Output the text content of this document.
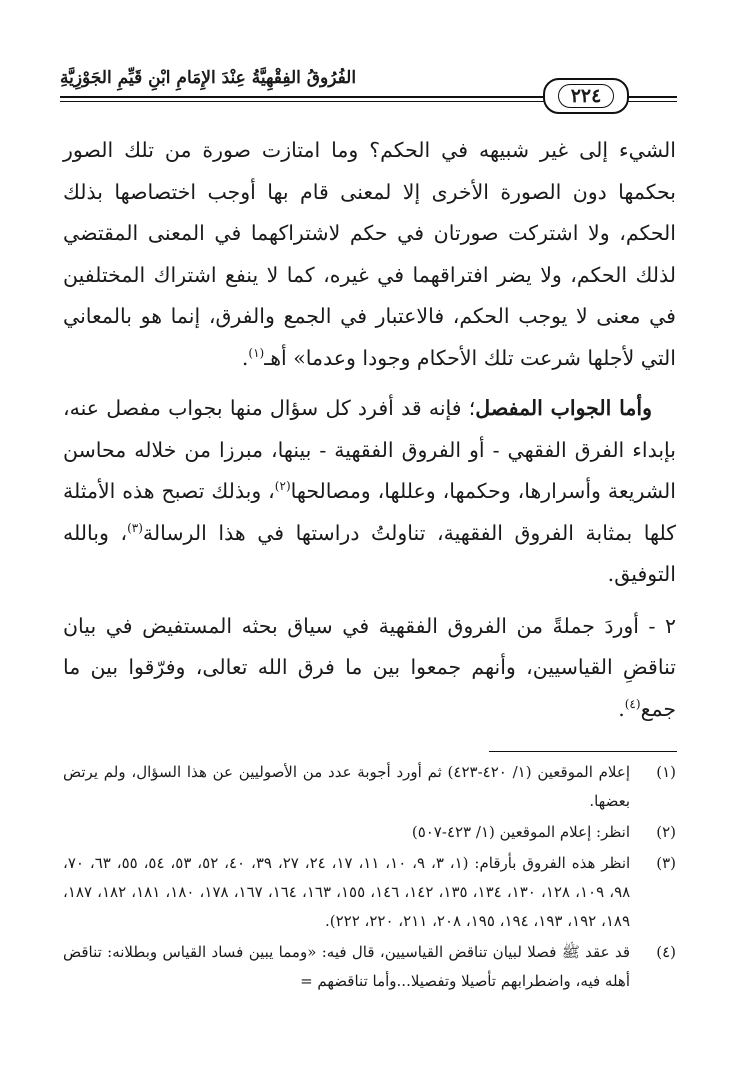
الفُرُوقُ الفِقْهِيَّةُ عِنْدَ الإِمَامِ ابْنِ قَيِّمِ الجَوْزِيَّةِ
٢٢٤

الشيء إلى غير شبيهه في الحكم؟ وما امتازت صورة من تلك الصور بحكمها دون الصورة الأخرى إلا لمعنى قام بها أوجب اختصاصها بذلك الحكم، ولا اشتركت صورتان في حكم لاشتراكهما في المعنى المقتضي لذلك الحكم، ولا يضر افتراقهما في غيره، كما لا ينفع اشتراك المختلفين في معنى لا يوجب الحكم، فالاعتبار في الجمع والفرق، إنما هو بالمعاني التي لأجلها شرعت تلك الأحكام وجودا وعدما» أهـ$^{(١)}$.

وأما الجواب المفصل؛ فإنه قد أفرد كل سؤال منها بجواب مفصل عنه، بإبداء الفرق الفقهي - أو الفروق الفقهية - بينها، مبرزا من خلاله محاسن الشريعة وأسرارها، وحكمها، وعللها، ومصالحها$^{(٢)}$، وبذلك تصبح هذه الأمثلة كلها بمثابة الفروق الفقهية، تناولتُ دراستها في هذا الرسالة$^{(٣)}$، وبالله التوفيق.

٢ - أوردَ جملةً من الفروق الفقهية في سياق بحثه المستفيض في بيان تناقضِ القياسيين، وأنهم جمعوا بين ما فرق الله تعالى، وفرّقوا بين ما جمع$^{(٤)}$.

(١)
إعلام الموقعين (١/ ٤٢٠-٤٢٣) ثم أورد أجوبة عدد من الأصوليين عن هذا السؤال، ولم يرتض بعضها.
(٢)
انظر: إعلام الموقعين (١/ ٤٢٣-٥٠٧)
(٣)
انظر هذه الفروق بأرقام: (١، ٣، ٩، ١٠، ١١، ١٧، ٢٤، ٢٧، ٣٩، ٤٠، ٥٢، ٥٣، ٥٤، ٥٥، ٦٣، ٧٠، ٩٨، ١٠٩، ١٢٨، ١٣٠، ١٣٤، ١٣٥، ١٤٢، ١٤٦، ١٥٥، ١٦٣، ١٦٤، ١٦٧، ١٧٨، ١٨٠، ١٨١، ١٨٢، ١٨٧، ١٨٩، ١٩٢، ١٩٣، ١٩٤، ١٩٥، ٢٠٨، ٢١١، ٢٢٠، ٢٢٢).
(٤)
قد عقد ﷺ فصلا لبيان تناقض القياسيين، قال فيه: «ومما يبين فساد القياس وبطلانه: تناقض أهله فيه، واضطرابهم تأصيلا وتفصيلا...وأما تناقضهم =
